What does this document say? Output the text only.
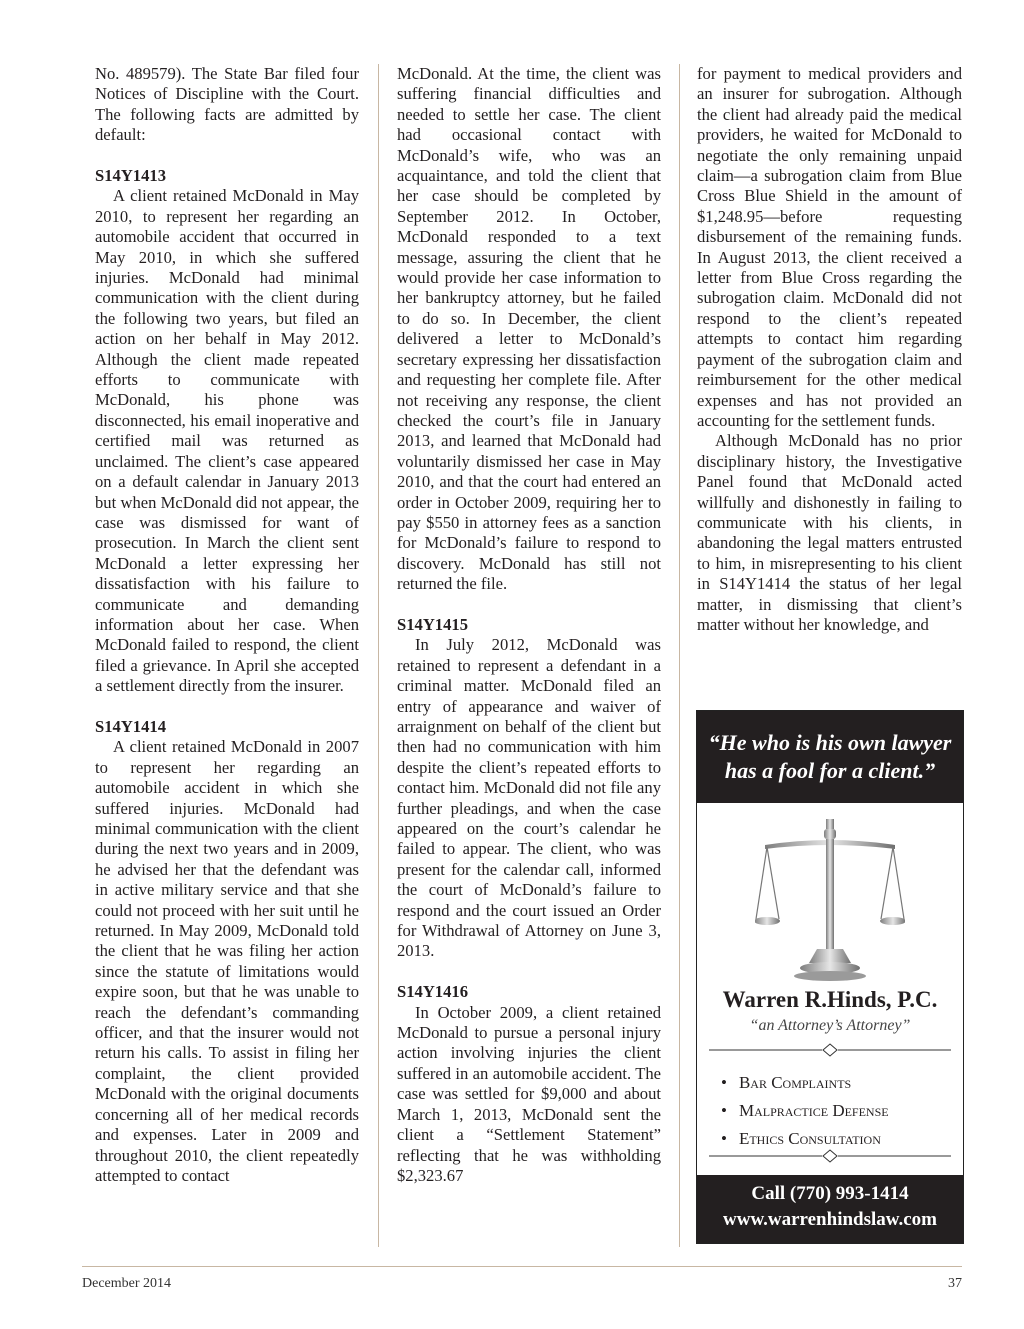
No. 489579). The State Bar filed four Notices of Discipline with the Court. The following facts are admitted by default:

S14Y1413

A client retained McDonald in May 2010, to represent her regarding an automobile accident that occurred in May 2010, in which she suffered injuries. McDonald had minimal communication with the client during the following two years, but filed an action on her behalf in May 2012. Although the client made repeated efforts to communicate with McDonald, his phone was disconnected, his email inoperative and certified mail was returned as unclaimed. The client’s case appeared on a default calendar in January 2013 but when McDonald did not appear, the case was dismissed for want of prosecution. In March the client sent McDonald a letter expressing her dissatisfaction with his failure to communicate and demanding information about her case. When McDonald failed to respond, the client filed a grievance. In April she accepted a settlement directly from the insurer.

S14Y1414

A client retained McDonald in 2007 to represent her regarding an automobile accident in which she suffered injuries. McDonald had minimal communication with the client during the next two years and in 2009, he advised her that the defendant was in active military service and that she could not proceed with her suit until he returned. In May 2009, McDonald told the client that he was filing her action since the statute of limitations would expire soon, but that he was unable to reach the defendant’s commanding officer, and that the insurer would not return his calls. To assist in filing her complaint, the client provided McDonald with the original documents concerning all of her medical records and expenses. Later in 2009 and throughout 2010, the client repeatedly attempted to contact

McDonald. At the time, the client was suffering financial difficulties and needed to settle her case. The client had occasional contact with McDonald’s wife, who was an acquaintance, and told the client that her case should be completed by September 2012. In October, McDonald responded to a text message, assuring the client that he would provide her case information to her bankruptcy attorney, but he failed to do so. In December, the client delivered a letter to McDonald’s secretary expressing her dissatisfaction and requesting her complete file. After not receiving any response, the client checked the court’s file in January 2013, and learned that McDonald had voluntarily dismissed her case in May 2010, and that the court had entered an order in October 2009, requiring her to pay $550 in attorney fees as a sanction for McDonald’s failure to respond to discovery. McDonald has still not returned the file.

S14Y1415

In July 2012, McDonald was retained to represent a defendant in a criminal matter. McDonald filed an entry of appearance and waiver of arraignment on behalf of the client but then had no communication with him despite the client’s repeated efforts to contact him. McDonald did not file any further pleadings, and when the case appeared on the court’s calendar he failed to appear. The client, who was present for the calendar call, informed the court of McDonald’s failure to respond and the court issued an Order for Withdrawal of Attorney on June 3, 2013.

S14Y1416

In October 2009, a client retained McDonald to pursue a personal injury action involving injuries the client suffered in an automobile accident. The case was settled for $9,000 and about March 1, 2013, McDonald sent the client a “Settlement Statement” reflecting that he was withholding $2,323.67

for payment to medical providers and an insurer for subrogation. Although the client had already paid the medical providers, he waited for McDonald to negotiate the only remaining unpaid claim—a subrogation claim from Blue Cross Blue Shield in the amount of $1,248.95—before requesting disbursement of the remaining funds. In August 2013, the client received a letter from Blue Cross regarding the subrogation claim. McDonald did not respond to the client’s repeated attempts to contact him regarding payment of the subrogation claim and reimbursement for the other medical expenses and has not provided an accounting for the settlement funds.

Although McDonald has no prior disciplinary history, the Investigative Panel found that McDonald acted willfully and dishonestly in failing to communicate with his clients, in abandoning the legal matters entrusted to him, in misrepresenting to his client in S14Y1414 the status of her legal matter, in dismissing that client’s matter without her knowledge, and

“He who is his own lawyer
has a fool for a client.”
Warren R.Hinds, P.C.
“an Attorney’s Attorney”
• Bar Complaints
• Malpractice Defense
• Ethics Consultation
Call (770) 993-1414
www.warrenhindslaw.com
December 2014	37
